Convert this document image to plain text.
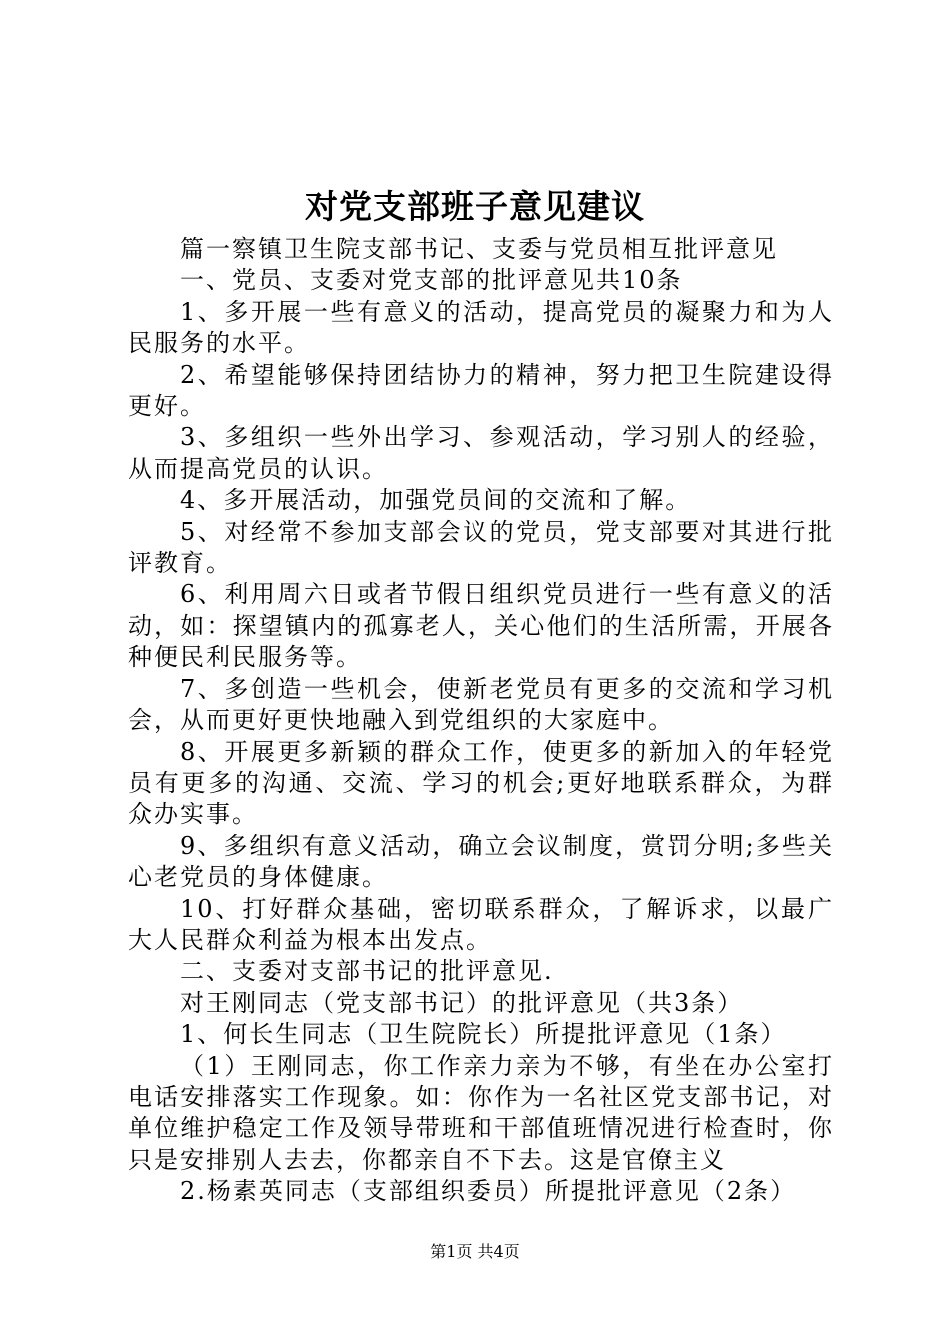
对党支部班子意见建议

篇一察镇卫生院支部书记、支委与党员相互批评意见

一、党员、支委对党支部的批评意见共10条

1、多开展一些有意义的活动，提高党员的凝聚力和为人民服务的水平。

2、希望能够保持团结协力的精神，努力把卫生院建设得更好。

3、多组织一些外出学习、参观活动，学习别人的经验，从而提高党员的认识。

4、多开展活动，加强党员间的交流和了解。

5、对经常不参加支部会议的党员，党支部要对其进行批评教育。

6、利用周六日或者节假日组织党员进行一些有意义的活动，如：探望镇内的孤寡老人，关心他们的生活所需，开展各种便民利民服务等。

7、多创造一些机会，使新老党员有更多的交流和学习机会，从而更好更快地融入到党组织的大家庭中。

8、开展更多新颖的群众工作，使更多的新加入的年轻党员有更多的沟通、交流、学习的机会;更好地联系群众，为群众办实事。

9、多组织有意义活动，确立会议制度，赏罚分明;多些关心老党员的身体健康。

10、打好群众基础，密切联系群众，了解诉求，以最广大人民群众利益为根本出发点。

二、支委对支部书记的批评意见.

对王刚同志（党支部书记）的批评意见（共3条）

1、何长生同志（卫生院院长）所提批评意见（1条）

（1）王刚同志，你工作亲力亲为不够，有坐在办公室打电话安排落实工作现象。如：你作为一名社区党支部书记，对单位维护稳定工作及领导带班和干部值班情况进行检查时，你只是安排别人去去，你都亲自不下去。这是官僚主义

2.杨素英同志（支部组织委员）所提批评意见（2条）

第1页 共4页
